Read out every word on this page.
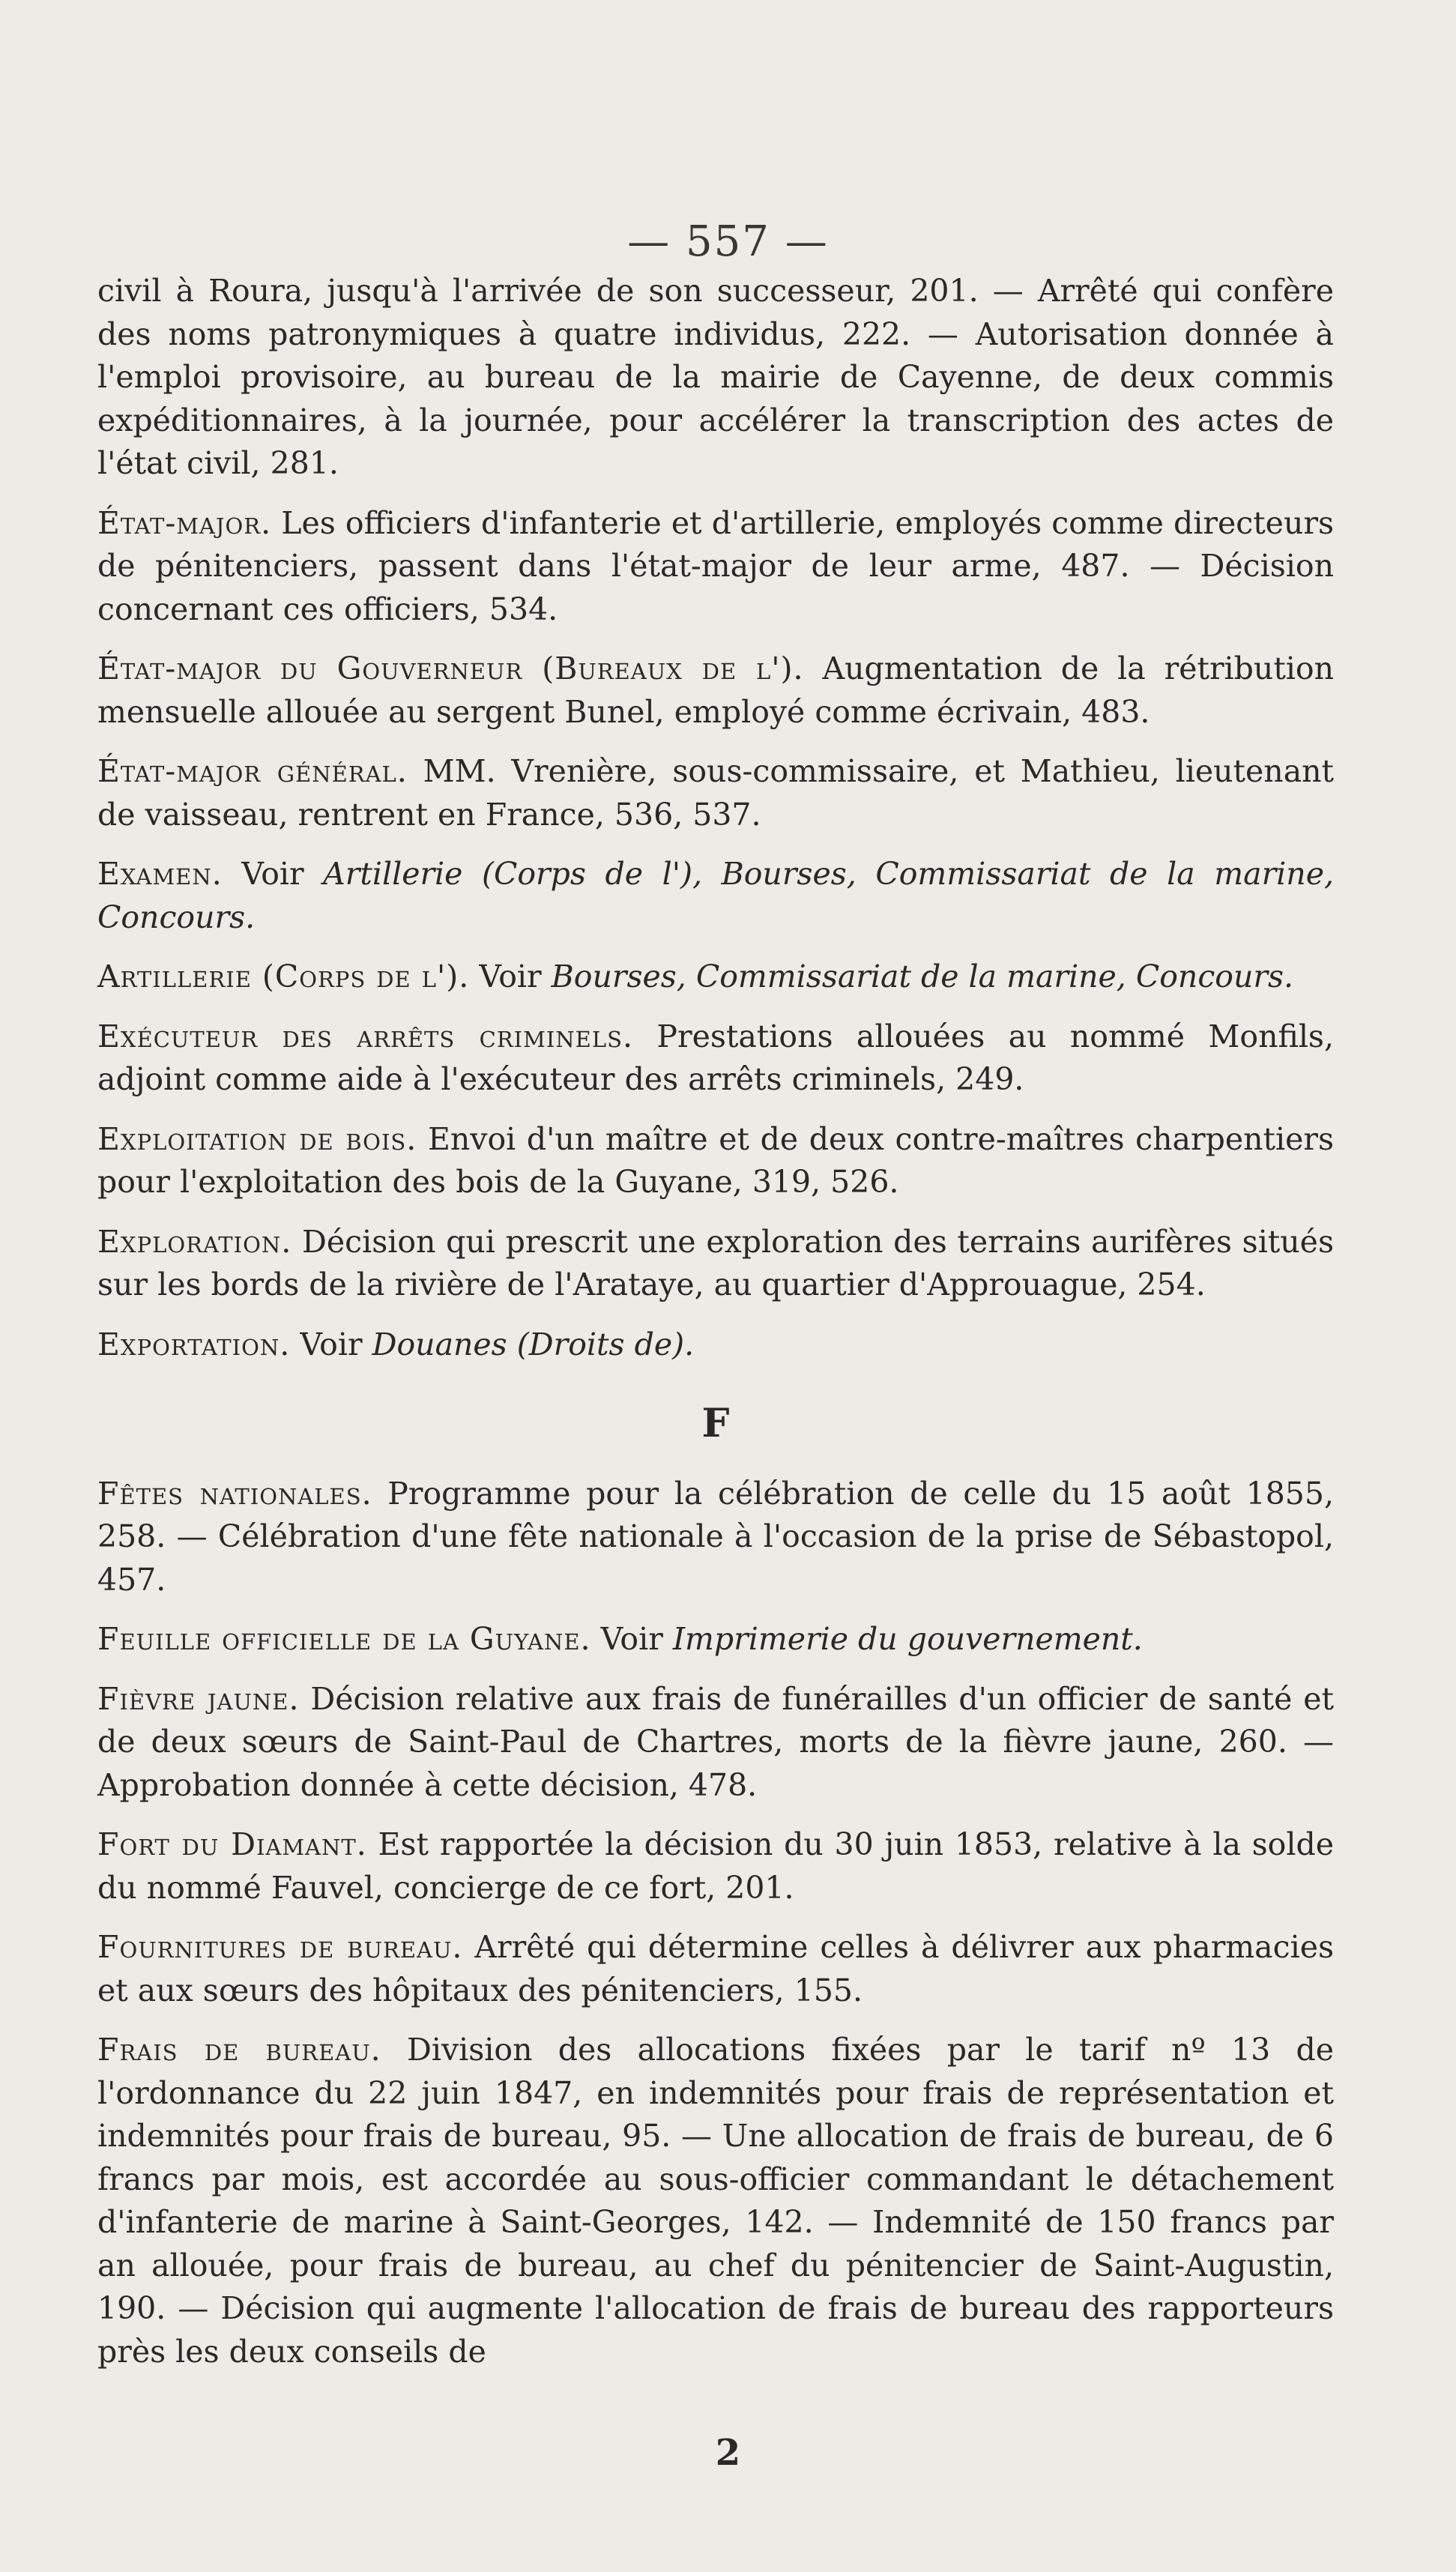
— 557 —

civil à Roura, jusqu'à l'arrivée de son successeur, 201. — Arrêté qui confère des noms patronymiques à quatre individus, 222. — Autorisation donnée à l'emploi provisoire, au bureau de la mairie de Cayenne, de deux commis expéditionnaires, à la journée, pour accélérer la transcription des actes de l'état civil, 281.

État-major. Les officiers d'infanterie et d'artillerie, employés comme directeurs de pénitenciers, passent dans l'état-major de leur arme, 487. — Décision concernant ces officiers, 534.

État-major du Gouverneur (Bureaux de l'). Augmentation de la rétribution mensuelle allouée au sergent Bunel, employé comme écrivain, 483.

État-major général. MM. Vrenière, sous-commissaire, et Mathieu, lieutenant de vaisseau, rentrent en France, 536, 537.

Examen. Voir Artillerie (Corps de l'), Bourses, Commissariat de la marine, Concours.

Artillerie (Corps de l'). Voir Bourses, Commissariat de la marine, Concours.

Exécuteur des arrêts criminels. Prestations allouées au nommé Monfils, adjoint comme aide à l'exécuteur des arrêts criminels, 249.

Exploitation de bois. Envoi d'un maître et de deux contre-maîtres charpentiers pour l'exploitation des bois de la Guyane, 319, 526.

Exploration. Décision qui prescrit une exploration des terrains aurifères situés sur les bords de la rivière de l'Arataye, au quartier d'Approuague, 254.

Exportation. Voir Douanes (Droits de).

F

Fêtes nationales. Programme pour la célébration de celle du 15 août 1855, 258. — Célébration d'une fête nationale à l'occasion de la prise de Sébastopol, 457.

Feuille officielle de la Guyane. Voir Imprimerie du gouvernement.

Fièvre jaune. Décision relative aux frais de funérailles d'un officier de santé et de deux sœurs de Saint-Paul de Chartres, morts de la fièvre jaune, 260. — Approbation donnée à cette décision, 478.

Fort du Diamant. Est rapportée la décision du 30 juin 1853, relative à la solde du nommé Fauvel, concierge de ce fort, 201.

Fournitures de bureau. Arrêté qui détermine celles à délivrer aux pharmacies et aux sœurs des hôpitaux des pénitenciers, 155.

Frais de bureau. Division des allocations fixées par le tarif nº 13 de l'ordonnance du 22 juin 1847, en indemnités pour frais de représentation et indemnités pour frais de bureau, 95. — Une allocation de frais de bureau, de 6 francs par mois, est accordée au sous-officier commandant le détachement d'infanterie de marine à Saint-Georges, 142. — Indemnité de 150 francs par an allouée, pour frais de bureau, au chef du pénitencier de Saint-Augustin, 190. — Décision qui augmente l'allocation de frais de bureau des rapporteurs près les deux conseils de

2
